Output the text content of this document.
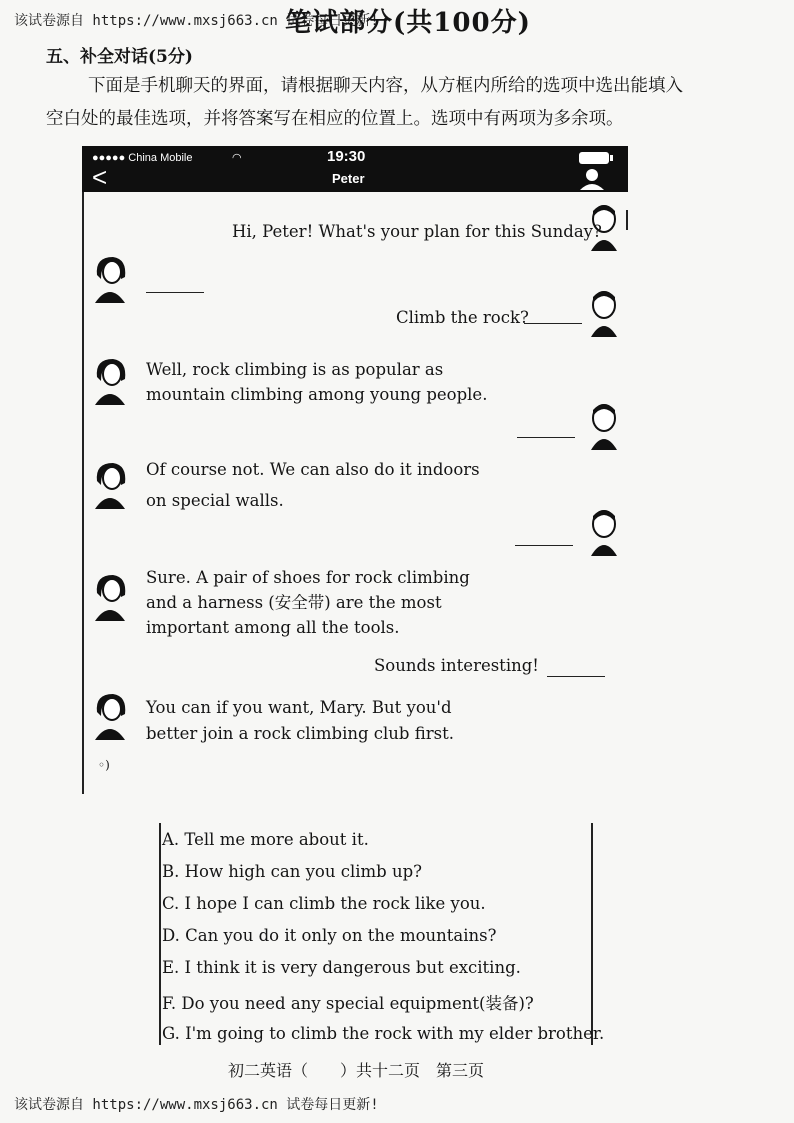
该试卷源自 https://www.mxsj663.cn 试卷每日更新!
笔试部分(共100分)
五、补全对话(5分)
下面是手机聊天的界面，请根据聊天内容，从方框内所给的选项中选出能填入空白处的最佳选项，并将答案写在相应的位置上。选项中有两项为多余项。
●●●●● China Mobile	◠	19:30
<	Peter
Hi, Peter! What's your plan for this Sunday?
Climb the rock?
Well, rock climbing is as popular as
mountain climbing among young people.
Of course not. We can also do it indoors
on special walls.
Sure. A pair of shoes for rock climbing
and a harness (安全带) are the most
important among all the tools.
Sounds interesting!
You can if you want, Mary. But you'd
better join a rock climbing club first.
◦)
A. Tell me more about it.
B. How high can you climb up?
C. I hope I can climb the rock like you.
D. Can you do it only on the mountains?
E. I think it is very dangerous but exciting.
F. Do you need any special equipment(装备)?
G. I'm going to climb the rock with my elder brother.
初二英语（　　）共十二页　第三页
该试卷源自 https://www.mxsj663.cn 试卷每日更新!
